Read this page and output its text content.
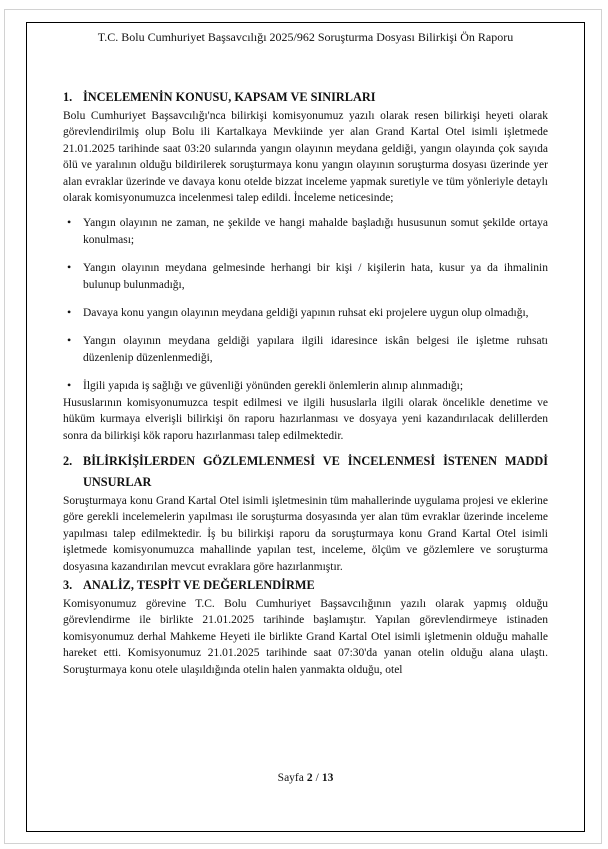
T.C. Bolu Cumhuriyet Başsavcılığı 2025/962 Soruşturma Dosyası Bilirkişi Ön Raporu
1. İNCELEMENİN KONUSU, KAPSAM VE SINIRLARI

Bolu Cumhuriyet Başsavcılığı'nca bilirkişi komisyonumuz yazılı olarak resen bilirkişi heyeti olarak görevlendirilmiş olup Bolu ili Kartalkaya Mevkiinde yer alan Grand Kartal Otel isimli işletmede 21.01.2025 tarihinde saat 03:20 sularında yangın olayının meydana geldiği, yangın olayında çok sayıda ölü ve yaralının olduğu bildirilerek soruşturmaya konu yangın olayının soruşturma dosyası üzerinde yer alan evraklar üzerinde ve davaya konu otelde bizzat inceleme yapmak suretiyle ve tüm yönleriyle detaylı olarak komisyonumuzca incelenmesi talep edildi. İnceleme neticesinde;

• Yangın olayının ne zaman, ne şekilde ve hangi mahalde başladığı hususunun somut şekilde ortaya konulması;
• Yangın olayının meydana gelmesinde herhangi bir kişi / kişilerin hata, kusur ya da ihmalinin bulunup bulunmadığı,
• Davaya konu yangın olayının meydana geldiği yapının ruhsat eki projelere uygun olup olmadığı,
• Yangın olayının meydana geldiği yapılara ilgili idaresince iskân belgesi ile işletme ruhsatı düzenlenip düzenlenmediği,
• İlgili yapıda iş sağlığı ve güvenliği yönünden gerekli önlemlerin alınıp alınmadığı;

Hususlarının komisyonumuzca tespit edilmesi ve ilgili hususlarla ilgili olarak öncelikle denetime ve hüküm kurmaya elverişli bilirkişi ön raporu hazırlanması ve dosyaya yeni kazandırılacak delillerden sonra da bilirkişi kök raporu hazırlanması talep edilmektedir.

2. BİLİRKİŞİLERDEN GÖZLEMLENMESİ VE İNCELENMESİ İSTENEN MADDİ UNSURLAR

Soruşturmaya konu Grand Kartal Otel isimli işletmesinin tüm mahallerinde uygulama projesi ve eklerine göre gerekli incelemelerin yapılması ile soruşturma dosyasında yer alan tüm evraklar üzerinde inceleme yapılması talep edilmektedir. İş bu bilirkişi raporu da soruşturmaya konu Grand Kartal Otel isimli işletmede komisyonumuzca mahallinde yapılan test, inceleme, ölçüm ve gözlemlere ve soruşturma dosyasına kazandırılan mevcut evraklara göre hazırlanmıştır.

3. ANALİZ, TESPİT VE DEĞERLENDİRME

Komisyonumuz görevine T.C. Bolu Cumhuriyet Başsavcılığının yazılı olarak yapmış olduğu görevlendirme ile birlikte 21.01.2025 tarihinde başlamıştır. Yapılan görevlendirmeye istinaden komisyonumuz derhal Mahkeme Heyeti ile birlikte Grand Kartal Otel isimli işletmenin olduğu mahalle hareket etti. Komisyonumuz 21.01.2025 tarihinde saat 07:30'da yanan otelin olduğu alana ulaştı. Soruşturmaya konu otele ulaşıldığında otelin halen yanmakta olduğu, otel

Sayfa 2 / 13
